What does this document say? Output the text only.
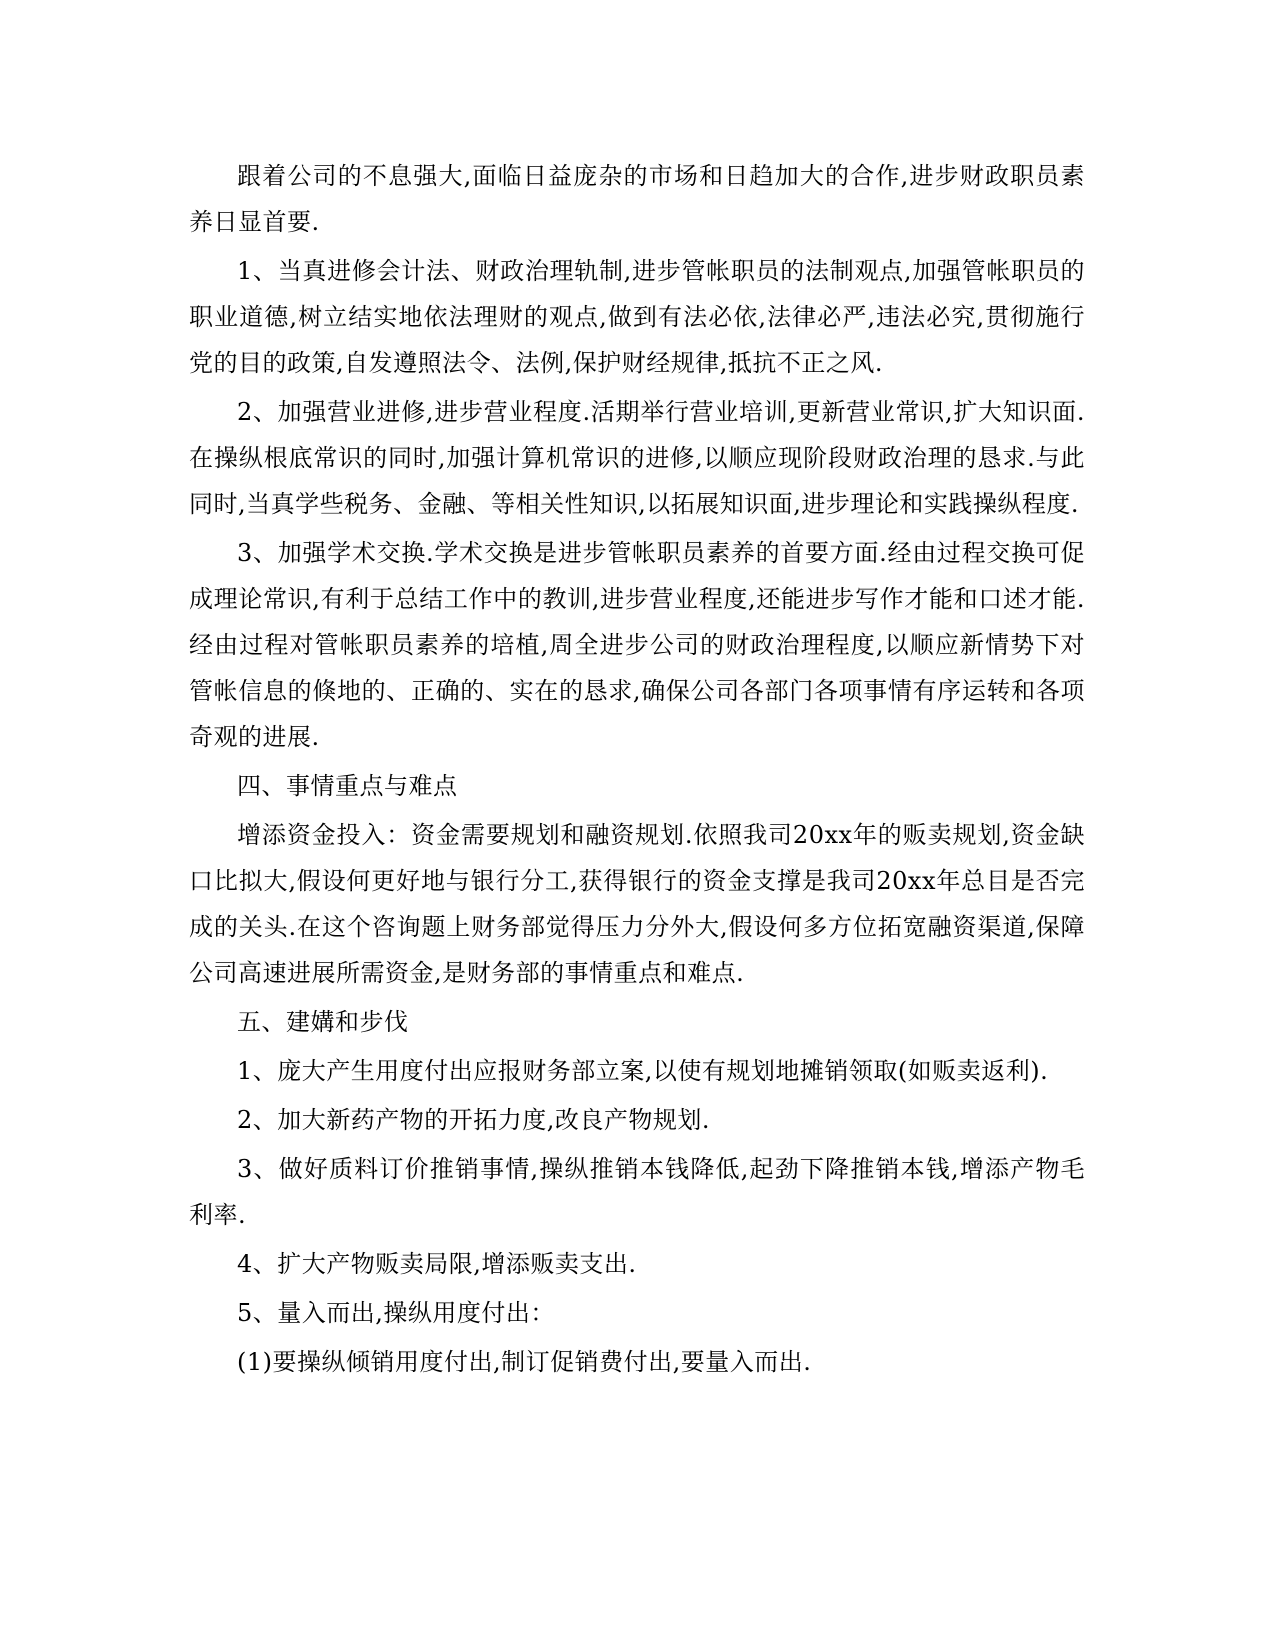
跟着公司的不息强大,面临日益庞杂的市场和日趋加大的合作,进步财政职员素养日显首要.

1、当真进修会计法、财政治理轨制,进步管帐职员的法制观点,加强管帐职员的职业道德,树立结实地依法理财的观点,做到有法必依,法律必严,违法必究,贯彻施行党的目的政策,自发遵照法令、法例,保护财经规律,抵抗不正之风.

2、加强营业进修,进步营业程度.活期举行营业培训,更新营业常识,扩大知识面.在操纵根底常识的同时,加强计算机常识的进修,以顺应现阶段财政治理的恳求.与此同时,当真学些税务、金融、等相关性知识,以拓展知识面,进步理论和实践操纵程度.

3、加强学术交换.学术交换是进步管帐职员素养的首要方面.经由过程交换可促成理论常识,有利于总结工作中的教训,进步营业程度,还能进步写作才能和口述才能.经由过程对管帐职员素养的培植,周全进步公司的财政治理程度,以顺应新情势下对管帐信息的倏地的、正确的、实在的恳求,确保公司各部门各项事情有序运转和各项奇观的进展.

四、事情重点与难点

增添资金投入：资金需要规划和融资规划.依照我司20xx年的贩卖规划,资金缺口比拟大,假设何更好地与银行分工,获得银行的资金支撑是我司20xx年总目是否完成的关头.在这个咨询题上财务部觉得压力分外大,假设何多方位拓宽融资渠道,保障公司高速进展所需资金,是财务部的事情重点和难点.

五、建媾和步伐

1、庞大产生用度付出应报财务部立案,以使有规划地摊销领取(如贩卖返利).

2、加大新药产物的开拓力度,改良产物规划.

3、做好质料订价推销事情,操纵推销本钱降低,起劲下降推销本钱,增添产物毛利率.

4、扩大产物贩卖局限,增添贩卖支出.

5、量入而出,操纵用度付出：

(1)要操纵倾销用度付出,制订促销费付出,要量入而出.
